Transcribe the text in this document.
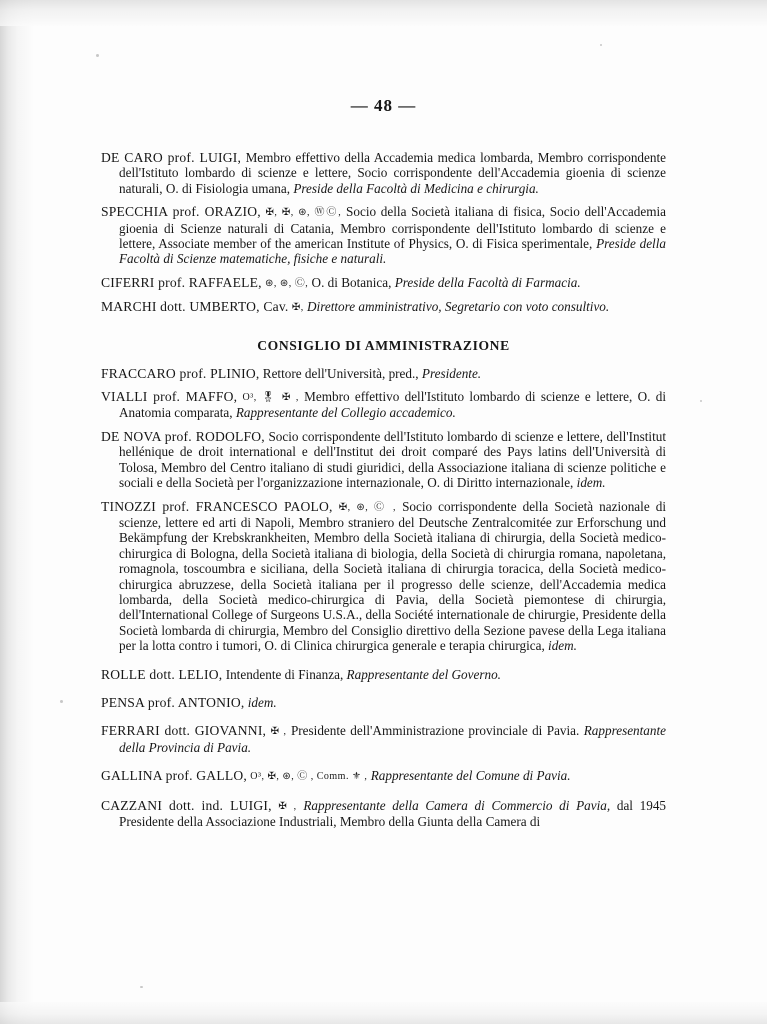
— 48 —
DE CARO prof. LUIGI, Membro effettivo della Accademia medica lombarda, Membro corrispondente dell'Istituto lombardo di scienze e lettere, Socio corrispondente dell'Accademia gioenia di scienze naturali, O. di Fisiologia umana, Preside della Facoltà di Medicina e chirurgia.
SPECCHIA prof. ORAZIO, ✠, ✠, ⊛, ⓌⒸ, Socio della Società italiana di fisica, Socio dell'Accademia gioenia di Scienze naturali di Catania, Membro corrispondente dell'Istituto lombardo di scienze e lettere, Associate member of the american Institute of Physics, O. di Fisica sperimentale, Preside della Facoltà di Scienze matematiche, fisiche e naturali.
CIFERRI prof. RAFFAELE, ⊛, ⊛, Ⓒ, O. di Botanica, Preside della Facoltà di Farmacia.
MARCHI dott. UMBERTO, Cav. ✠, Direttore amministrativo, Segretario con voto consultivo.
CONSIGLIO DI AMMINISTRAZIONE
FRACCARO prof. PLINIO, Rettore dell'Università, pred., Presidente.
VIALLI prof. MAFFO, O³, 🎖 ✠ , Membro effettivo dell'Istituto lombardo di scienze e lettere, O. di Anatomia comparata, Rappresentante del Collegio accademico.
DE NOVA prof. RODOLFO, Socio corrispondente dell'Istituto lombardo di scienze e lettere, dell'Institut hellénique de droit international e dell'Institut dei droit comparé des Pays latins dell'Università di Tolosa, Membro del Centro italiano di studi giuridici, della Associazione italiana di scienze politiche e sociali e della Società per l'organizzazione internazionale, O. di Diritto internazionale, idem.
TINOZZI prof. FRANCESCO PAOLO, ✠, ⊛, Ⓒ , Socio corrispondente della Società nazionale di scienze, lettere ed arti di Napoli, Membro straniero del Deutsche Zentralcomitée zur Erforschung und Bekämpfung der Krebskrankheiten, Membro della Società italiana di chirurgia, della Società medico-chirurgica di Bologna, della Società italiana di biologia, della Società di chirurgia romana, napoletana, romagnola, toscoumbra e siciliana, della Società italiana di chirurgia toracica, della Società medico-chirurgica abruzzese, della Società italiana per il progresso delle scienze, dell'Accademia medica lombarda, della Società medico-chirurgica di Pavia, della Società piemontese di chirurgia, dell'International College of Surgeons U.S.A., della Société internationale de chirurgie, Presidente della Società lombarda di chirurgia, Membro del Consiglio direttivo della Sezione pavese della Lega italiana per la lotta contro i tumori, O. di Clinica chirurgica generale e terapia chirurgica, idem.
ROLLE dott. LELIO, Intendente di Finanza, Rappresentante del Governo.
PENSA prof. ANTONIO, idem.
FERRARI dott. GIOVANNI, ✠ , Presidente dell'Amministrazione provinciale di Pavia. Rappresentante della Provincia di Pavia.
GALLINA prof. GALLO, O³, ✠, ⊛, Ⓒ , Comm. ⚜ , Rappresentante del Comune di Pavia.
CAZZANI dott. ind. LUIGI, ✠ , Rappresentante della Camera di Commercio di Pavia, dal 1945 Presidente della Associazione Industriali, Membro della Giunta della Camera di
